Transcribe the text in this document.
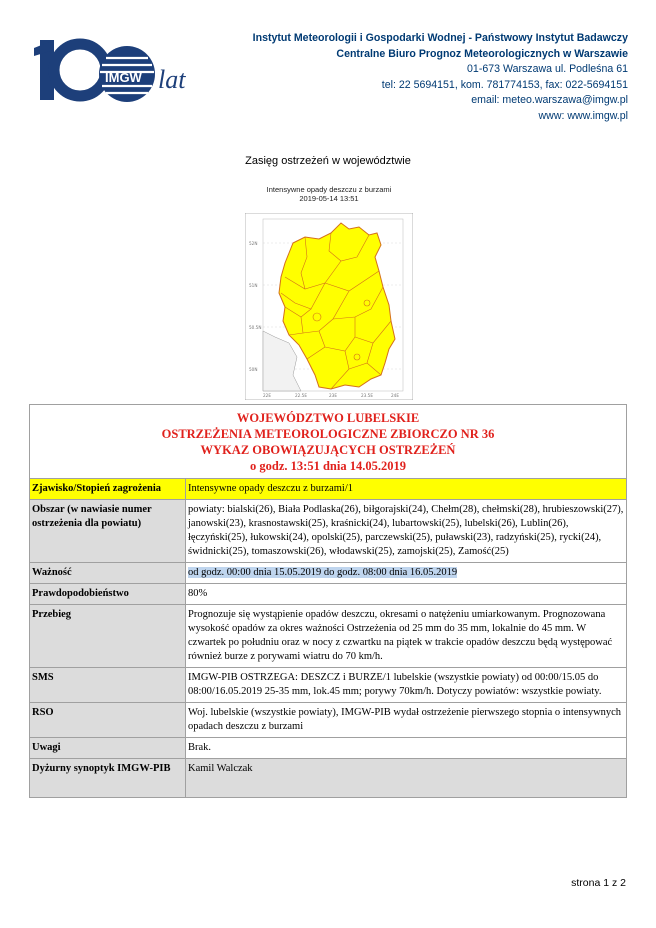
IMGW lat
Instytut Meteorologii i Gospodarki Wodnej - Państwowy Instytut Badawczy
Centralne Biuro Prognoz Meteorologicznych w Warszawie
01-673 Warszawa ul. Podleśna 61
tel: 22 5694151, kom. 781774153, fax: 022-5694151
email: meteo.warszawa@imgw.pl
www: www.imgw.pl
Zasięg ostrzeżeń w województwie
Intensywne opady deszczu z burzami
2019-05-14 13:51
52N
51N
50.5N
50N
22E	22.5E	23E	23.5E	24E
WOJEWÓDZTWO LUBELSKIE
OSTRZEŻENIA METEOROLOGICZNE ZBIORCZO NR 36
WYKAZ OBOWIĄZUJĄCYCH OSTRZEŻEŃ
o godz. 13:51 dnia 14.05.2019	

Zjawisko/Stopień zagrożenia	Intensywne opady deszczu z burzami/1
Obszar (w nawiasie numer ostrzeżenia dla powiatu)	powiaty: bialski(26), Biała Podlaska(26), biłgorajski(24), Chełm(28), chełmski(28), hrubieszowski(27), janowski(23), krasnostawski(25), kraśnicki(24), lubartowski(25), lubelski(26), Lublin(26), łęczyński(25), łukowski(24), opolski(25), parczewski(25), puławski(23), radzyński(25), rycki(24), świdnicki(25), tomaszowski(26), włodawski(25), zamojski(25), Zamość(25)
Ważność	od godz. 00:00 dnia 15.05.2019 do godz. 08:00 dnia 16.05.2019
Prawdopodobieństwo	80%
Przebieg	Prognozuje się wystąpienie opadów deszczu, okresami o natężeniu umiarkowanym. Prognozowana wysokość opadów za okres ważności Ostrzeżenia od 25 mm do 35 mm, lokalnie do 45 mm. W czwartek po południu oraz w nocy z czwartku na piątek w trakcie opadów deszczu będą występować również burze z porywami wiatru do 70 km/h.
SMS	IMGW-PIB OSTRZEGA: DESZCZ i BURZE/1 lubelskie (wszystkie powiaty) od 00:00/15.05 do 08:00/16.05.2019 25-35 mm, lok.45 mm; porywy 70km/h. Dotyczy powiatów: wszystkie powiaty.
RSO	Woj. lubelskie (wszystkie powiaty), IMGW-PIB wydał ostrzeżenie pierwszego stopnia o intensywnych opadach deszczu z burzami
Uwagi	Brak.
Dyżurny synoptyk IMGW-PIB	Kamil Walczak
strona 1 z 2
